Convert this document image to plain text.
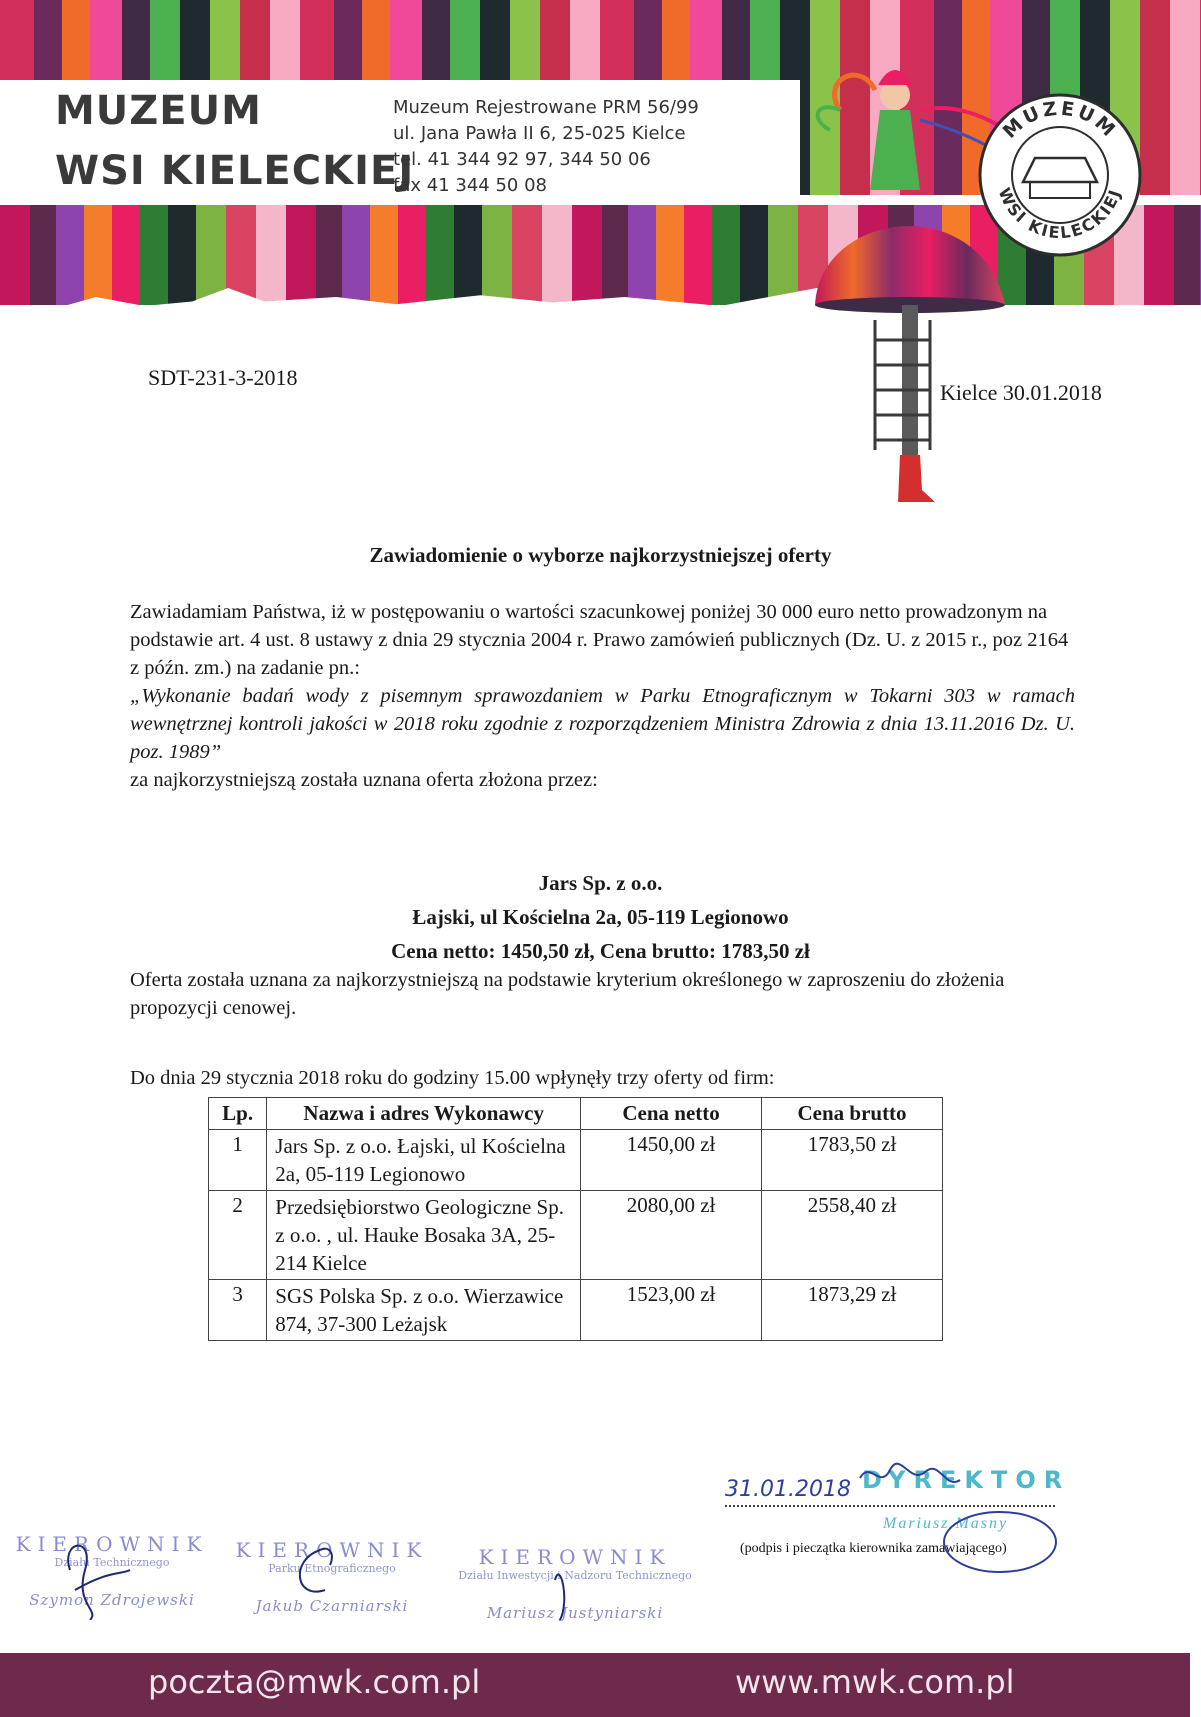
MUZEUM
WSI KIELECKIEJ
Muzeum Rejestrowane PRM 56/99
ul. Jana Pawła II 6, 25-025 Kielce
tel. 41 344 92 97, 344 50 06
fax 41 344 50 08
MUZEUM
WSI KIELECKIEJ
SDT-231-3-2018
Kielce 30.01.2018
Zawiadomienie o wyborze najkorzystniejszej oferty
Zawiadamiam Państwa, iż w postępowaniu o wartości szacunkowej poniżej 30 000 euro netto prowadzonym na podstawie art. 4 ust. 8 ustawy z dnia 29 stycznia 2004 r. Prawo zamówień publicznych (Dz. U. z 2015 r., poz 2164 z późn. zm.) na zadanie pn.:
„Wykonanie badań wody z pisemnym sprawozdaniem w Parku Etnograficznym w Tokarni 303 w ramach wewnętrznej kontroli jakości w 2018 roku zgodnie z rozporządzeniem Ministra Zdrowia z dnia 13.11.2016 Dz. U. poz. 1989”
za najkorzystniejszą została uznana oferta złożona przez:
Jars Sp. z o.o.
Łajski, ul Kościelna 2a, 05-119 Legionowo
Cena netto: 1450,50 zł, Cena brutto: 1783,50 zł
Oferta została uznana za najkorzystniejszą na podstawie kryterium określonego w zaproszeniu do złożenia propozycji cenowej.
Do dnia 29 stycznia 2018 roku do godziny 15.00 wpłynęły trzy oferty od firm:
Lp.	Nazwa i adres Wykonawcy	Cena netto	Cena brutto
1	Jars Sp. z o.o. Łajski, ul Kościelna 2a, 05-119 Legionowo	1450,00 zł	1783,50 zł
2	Przedsiębiorstwo Geologiczne Sp. z o.o. , ul. Hauke Bosaka 3A, 25-214 Kielce	2080,00 zł	2558,40 zł
3	SGS Polska Sp. z o.o. Wierzawice 874, 37-300 Leżajsk	1523,00 zł	1873,29 zł
KIEROWNIK
Działu Technicznego
Szymon Zdrojewski
KIEROWNIK
Parku Etnograficznego
Jakub Czarniarski
KIEROWNIK
Działu Inwestycji i Nadzoru Technicznego
Mariusz Justyniarski
DYREKTOR
31.01.2018
Mariusz Masny
(podpis i pieczątka kierownika zamawiającego)
poczta@mwk.com.pl	www.mwk.com.pl
